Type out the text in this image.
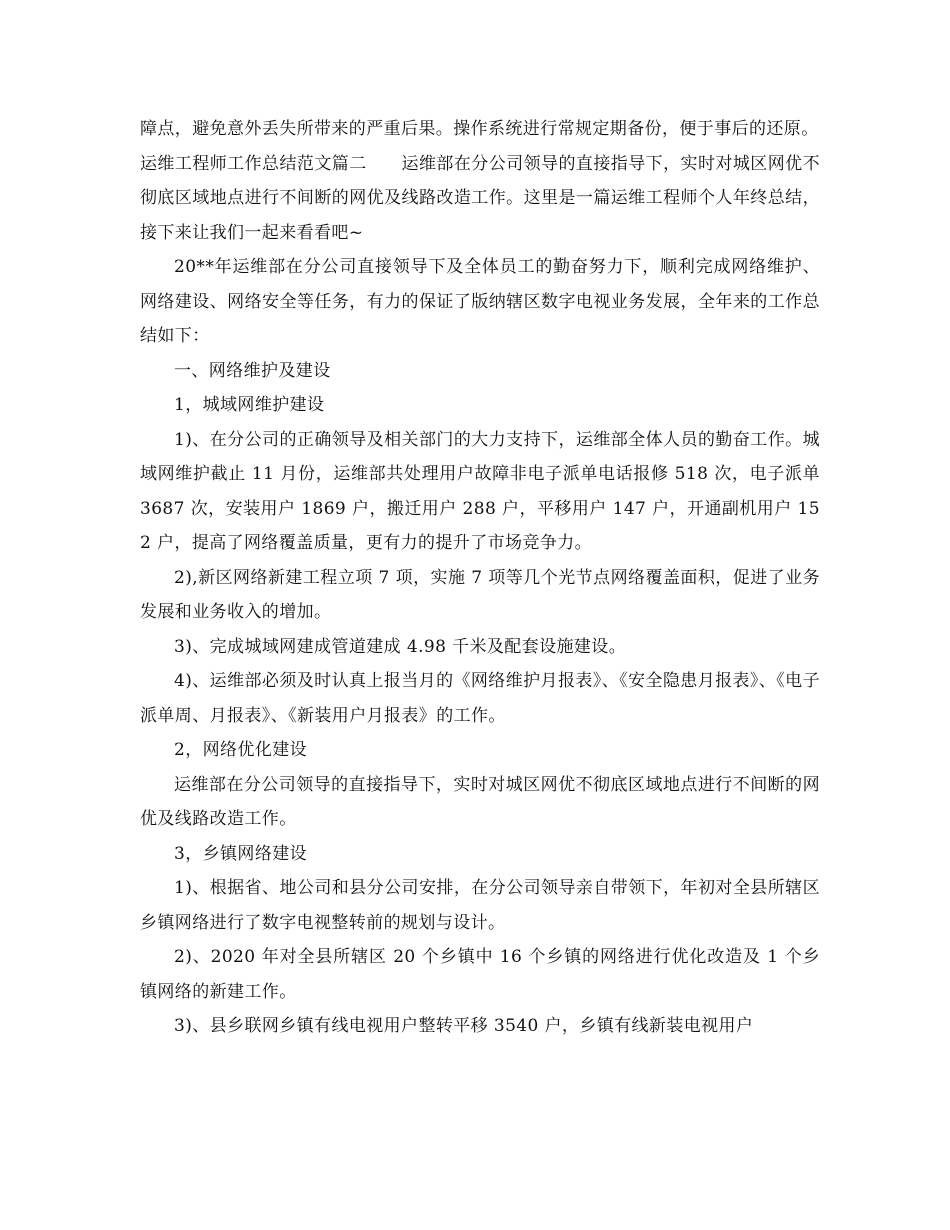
障点，避免意外丢失所带来的严重后果。操作系统进行常规定期备份，便于事后的还原。

运维工程师工作总结范文篇二　　运维部在分公司领导的直接指导下，实时对城区网优不彻底区域地点进行不间断的网优及线路改造工作。这里是一篇运维工程师个人年终总结，接下来让我们一起来看看吧~

20**年运维部在分公司直接领导下及全体员工的勤奋努力下，顺利完成网络维护、网络建设、网络安全等任务，有力的保证了版纳辖区数字电视业务发展，全年来的工作总结如下：

一、网络维护及建设

1，城域网维护建设

1)、在分公司的正确领导及相关部门的大力支持下，运维部全体人员的勤奋工作。城域网维护截止 11 月份，运维部共处理用户故障非电子派单电话报修 518 次，电子派单 3687 次，安装用户 1869 户，搬迁用户 288 户，平移用户 147 户，开通副机用户 152 户，提高了网络覆盖质量，更有力的提升了市场竞争力。

2),新区网络新建工程立项 7 项，实施 7 项等几个光节点网络覆盖面积，促进了业务发展和业务收入的增加。

3)、完成城域网建成管道建成 4.98 千米及配套设施建设。

4)、运维部必须及时认真上报当月的《网络维护月报表》、《安全隐患月报表》、《电子派单周、月报表》、《新装用户月报表》的工作。

2，网络优化建设

运维部在分公司领导的直接指导下，实时对城区网优不彻底区域地点进行不间断的网优及线路改造工作。

3，乡镇网络建设

1)、根据省、地公司和县分公司安排，在分公司领导亲自带领下，年初对全县所辖区乡镇网络进行了数字电视整转前的规划与设计。

2)、2020 年对全县所辖区 20 个乡镇中 16 个乡镇的网络进行优化改造及 1 个乡镇网络的新建工作。

3)、县乡联网乡镇有线电视用户整转平移 3540 户，乡镇有线新装电视用户
